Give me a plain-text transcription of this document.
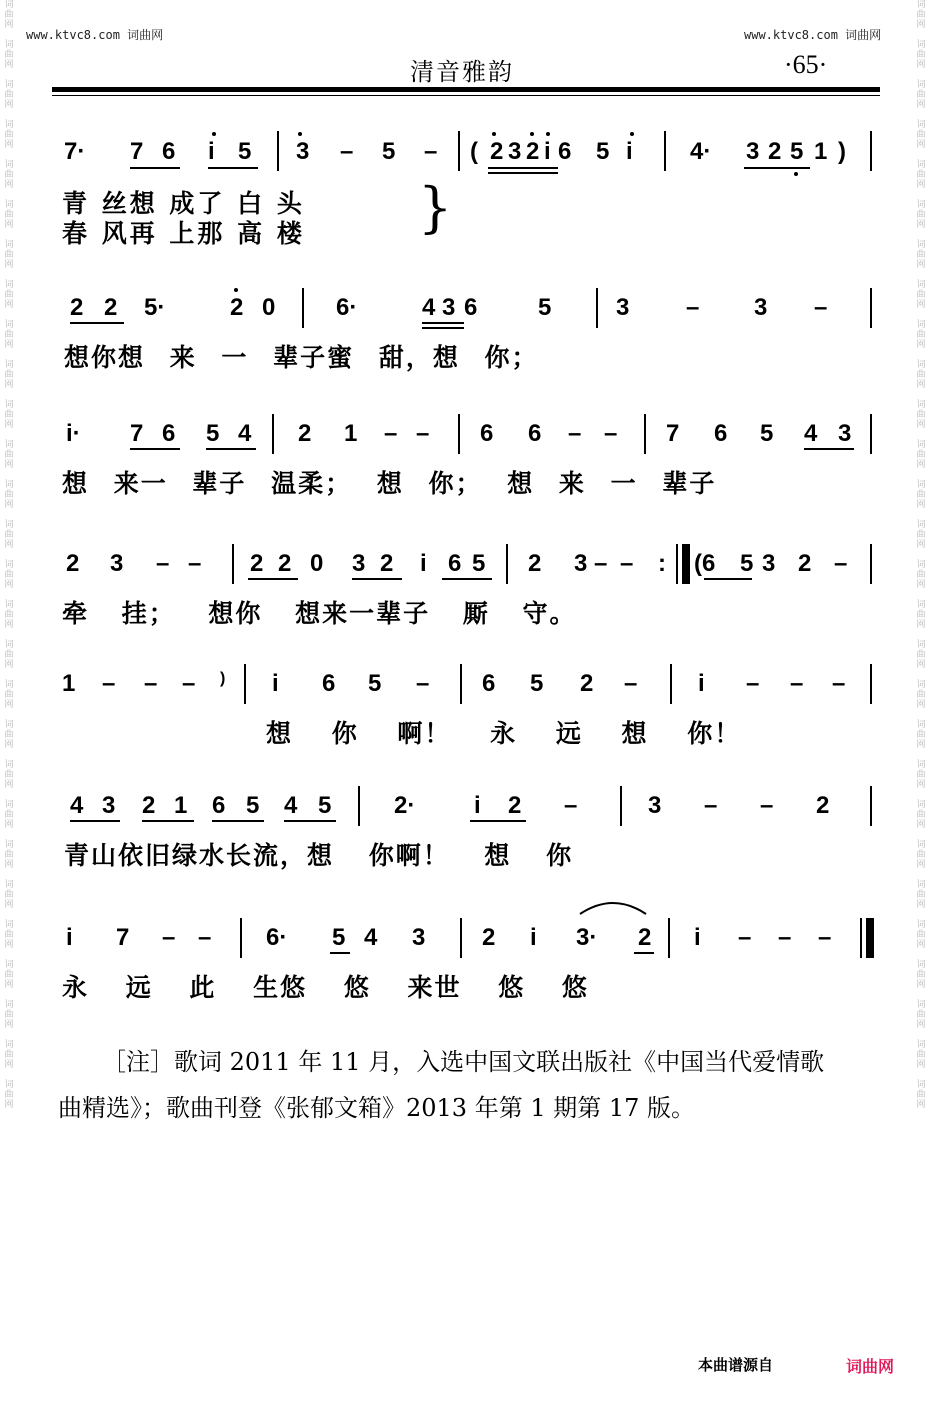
词
曲
网

词
曲
网

词
曲
网

词
曲
网

词
曲
网

词
曲
网

词
曲
网

词
曲
网

词
曲
网

词
曲
网

词
曲
网

词
曲
网

词
曲
网

词
曲
网

词
曲
网

词
曲
网

词
曲
网

词
曲
网

词
曲
网

词
曲
网

词
曲
网

词
曲
网

词
曲
网

词
曲
网

词
曲
网

词
曲
网

词
曲
网

词
曲
网

词
曲
网

词
曲
网

词
曲
网

词
曲
网

词
曲
网

词
曲
网

词
曲
网

词
曲
网

词
曲
网

词
曲
网

词
曲
网

词
曲
网

词
曲
网

词
曲
网

词
曲
网

词
曲
网

词
曲
网

词
曲
网

词
曲
网

词
曲
网

词
曲
网

词
曲
网

词
曲
网

词
曲
网

词
曲
网

词
曲
网

词
曲
网

词
曲
网

www.ktvc8.com 词曲网	www.ktvc8.com 词曲网
清音雅韵	·65·
7· 7 6 i 5 3 – 5 – ( 2 3 2 i 6 5 i 4· 3 2 5 1 )
青 丝想 成了 白 头
春 风再 上那 高 楼 }
2 2 5·	2 0	6·	4 3 6	5	3 – 3 –
想你想 来 一 辈子蜜 甜，想 你；
i· 7 6 5 4 2 1 – – 6 6 – – 7 6 5 4 3
想 来一 辈子 温柔； 想 你； 想 来 一 辈子
2 3 – – 2 2 0 3 2 i 6 5 2 3 – – : (6 5 3 2 –
牵 挂； 想你 想来一辈子 厮 守。
1 – – – ) i 6 5 – 6 5 2 –	i – – –
想 你 啊！ 永 远 想 你！
4 3 2 1 6 5 4 5	2· i 2 –	3 – – 2
青山依旧绿水长流，想 你啊！ 想 你
i 7 – – 6· 5 4 3 2 i 3· 2 i – – –
永 远 此 生悠 悠 来世 悠 悠
［注］歌词 2011 年 11 月，入选中国文联出版社《中国当代爱情歌
曲精选》；歌曲刊登《张郁文箱》2013 年第 1 期第 17 版。
本曲谱源自	词曲网
